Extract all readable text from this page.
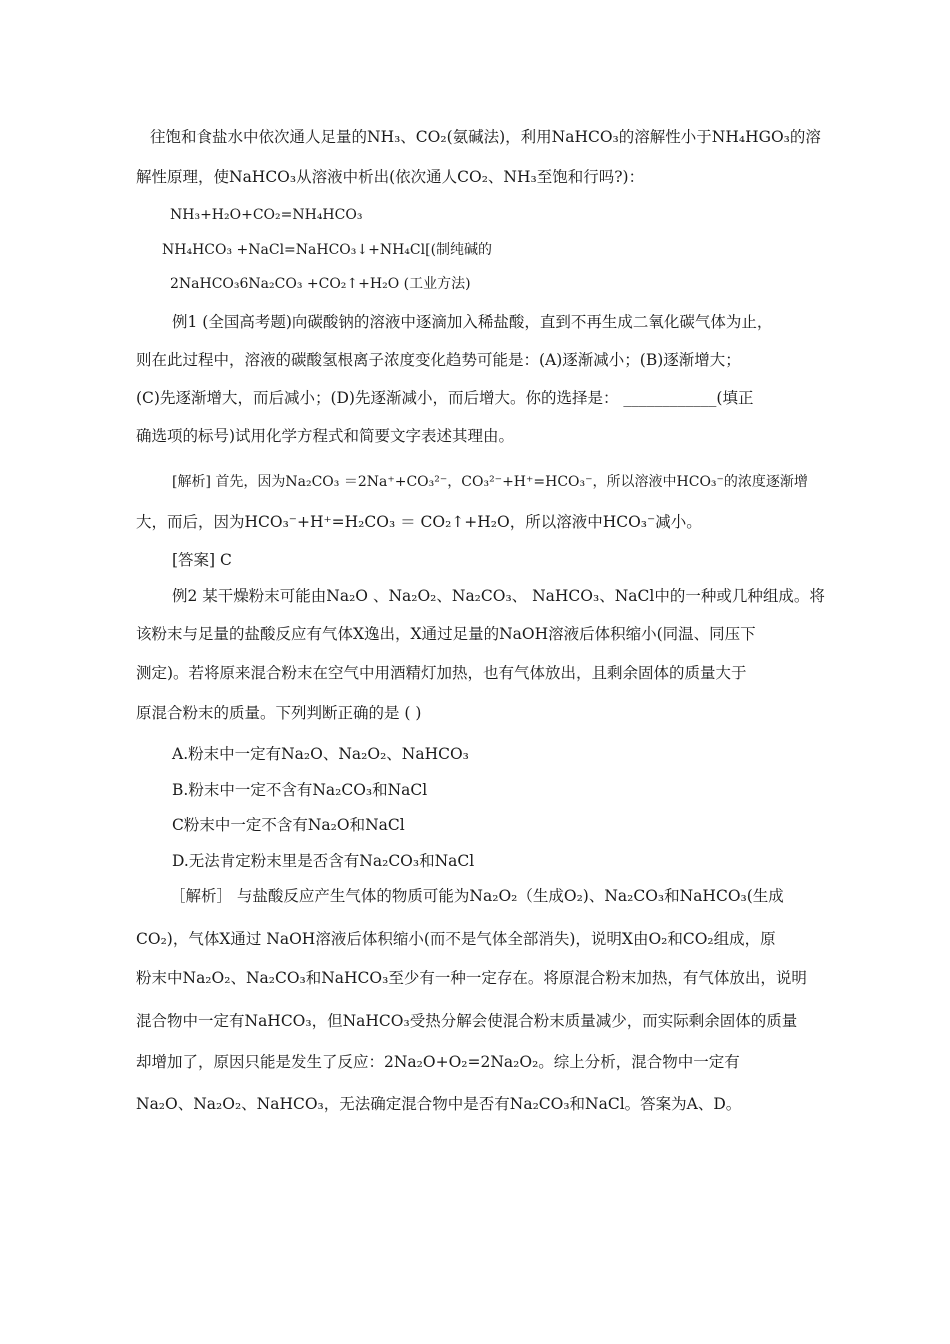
往饱和食盐水中依次通人足量的NH₃、CO₂(氨碱法)，利用NaHCO₃的溶解性小于NH₄HGO₃的溶
解性原理，使NaHCO₃从溶液中析出(依次通人CO₂、NH₃至饱和行吗?)：
NH₃+H₂O+CO₂=NH₄HCO₃
NH₄HCO₃ +NaCl=NaHCO₃↓+NH₄Cl[(制纯碱的
2NaHCO₃6Na₂CO₃ +CO₂↑+H₂O (工业方法)
例1 (全国高考题)向碳酸钠的溶液中逐滴加入稀盐酸，直到不再生成二氧化碳气体为止，
则在此过程中，溶液的碳酸氢根离子浓度变化趋势可能是：(A)逐渐减小；(B)逐渐增大；
(C)先逐渐增大，而后减小；(D)先逐渐减小，而后增大。你的选择是： ____________(填正
确选项的标号)试用化学方程式和简要文字表述其理由。
[解析] 首先，因为Na₂CO₃ ＝2Na⁺+CO₃²⁻，CO₃²⁻+H⁺=HCO₃⁻，所以溶液中HCO₃⁻的浓度逐渐增
大，而后，因为HCO₃⁻+H⁺=H₂CO₃ ＝ CO₂↑+H₂O，所以溶液中HCO₃⁻减小。
[答案] C
例2 某干燥粉末可能由Na₂O 、Na₂O₂、Na₂CO₃、 NaHCO₃、NaCl中的一种或几种组成。将
该粉末与足量的盐酸反应有气体X逸出，X通过足量的NaOH溶液后体积缩小(同温、同压下
测定)。若将原来混合粉末在空气中用酒精灯加热，也有气体放出，且剩余固体的质量大于
原混合粉末的质量。下列判断正确的是 ( )
A.粉末中一定有Na₂O、Na₂O₂、NaHCO₃
B.粉末中一定不含有Na₂CO₃和NaCl
C粉末中一定不含有Na₂O和NaCl
D.无法肯定粉末里是否含有Na₂CO₃和NaCl
［解析］ 与盐酸反应产生气体的物质可能为Na₂O₂（生成O₂)、Na₂CO₃和NaHCO₃(生成
CO₂)，气体X通过 NaOH溶液后体积缩小(而不是气体全部消失)，说明X由O₂和CO₂组成，原
粉末中Na₂O₂、Na₂CO₃和NaHCO₃至少有一种一定存在。将原混合粉末加热，有气体放出，说明
混合物中一定有NaHCO₃，但NaHCO₃受热分解会使混合粉末质量减少，而实际剩余固体的质量
却增加了，原因只能是发生了反应：2Na₂O+O₂=2Na₂O₂。综上分析，混合物中一定有
Na₂O、Na₂O₂、NaHCO₃，无法确定混合物中是否有Na₂CO₃和NaCl。答案为A、D。
